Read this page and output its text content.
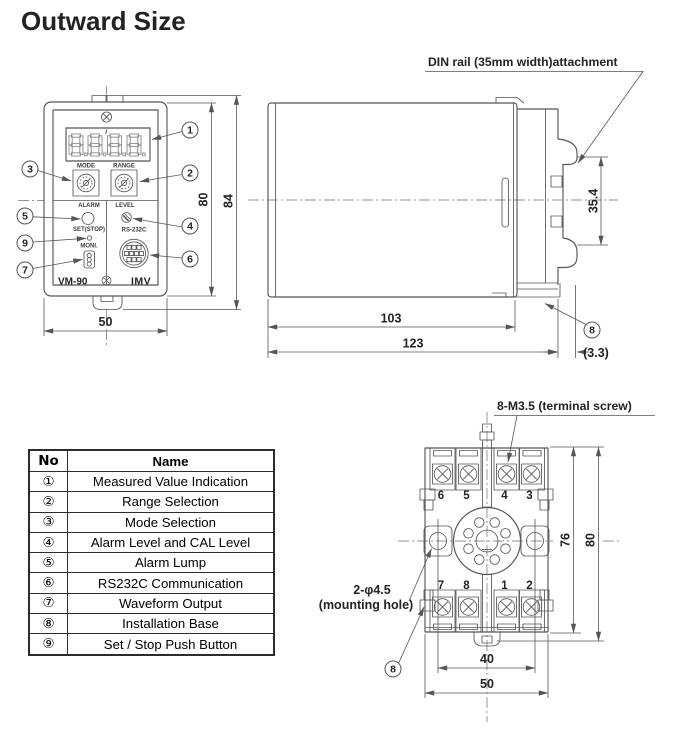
Outward Size
MODE	RANGE
ALARM	LEVEL
SET(STOP)	RS-232C
MONI.
VM-90	IMV
1
2
4
6
3
5
9
7
80 84
50
DIN rail (35mm width)attachment
35.4
103
123
(3.3)
8
8-M3.5 (terminal screw)
6 5	4 3
7 8	1 2
2-φ4.5
(mounting hole)
8
76 80
40
50
No	Name
①	Measured Value Indication
②	Range Selection
③	Mode Selection
④	Alarm Level and CAL Level
⑤	Alarm Lump
⑥	RS232C Communication
⑦	Waveform Output
⑧	Installation Base
⑨	Set / Stop Push Button
